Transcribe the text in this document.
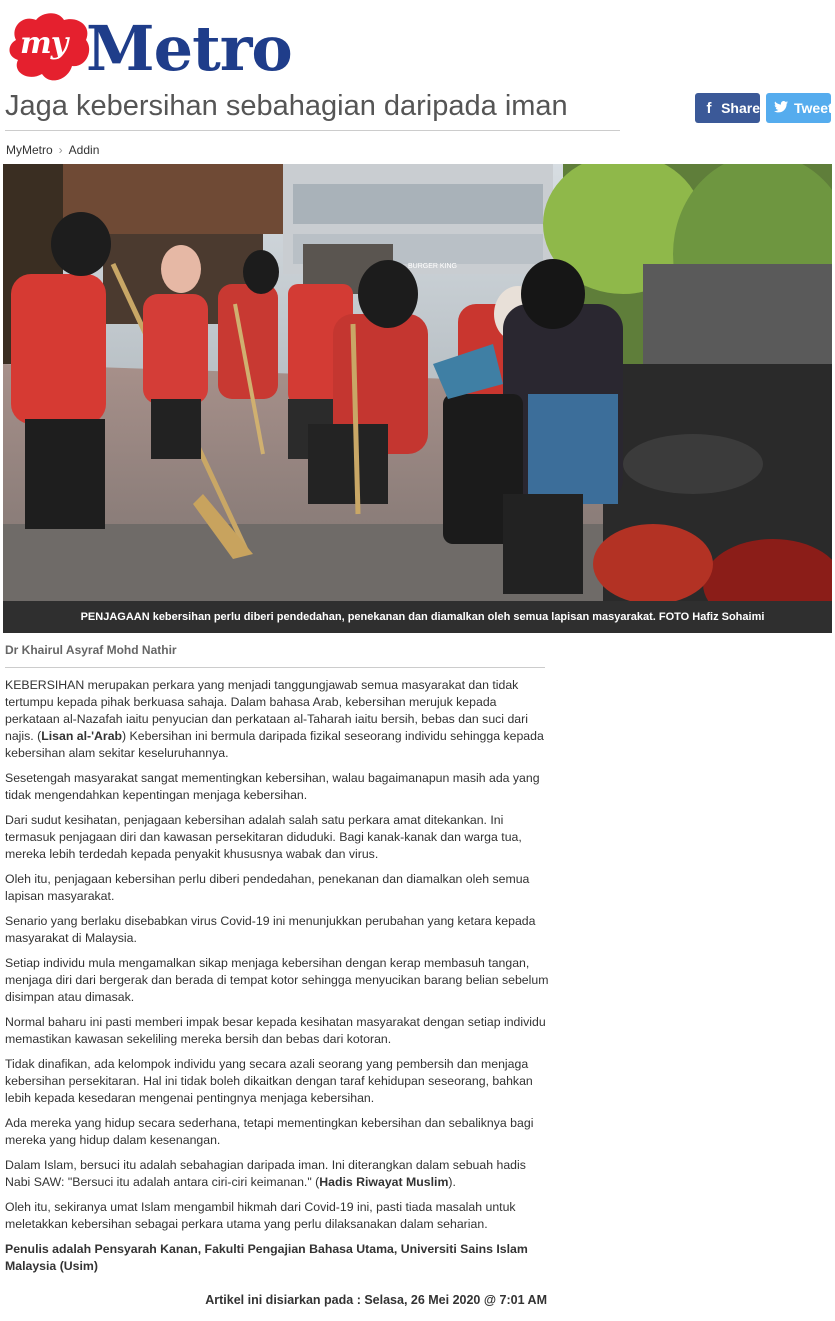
my Metro
Jaga kebersihan sebahagian daripada iman	f Share Tweet
MyMetro › Addin
BURGER KING
PENJAGAAN kebersihan perlu diberi pendedahan, penekanan dan diamalkan oleh semua lapisan masyarakat. FOTO Hafiz Sohaimi
Dr Khairul Asyraf Mohd Nathir

KEBERSIHAN merupakan perkara yang menjadi tanggungjawab semua masyarakat dan tidak tertumpu kepada pihak berkuasa sahaja. Dalam bahasa Arab, kebersihan merujuk kepada perkataan al-Nazafah iaitu penyucian dan perkataan al-Taharah iaitu bersih, bebas dan suci dari najis. (Lisan al-'Arab) Kebersihan ini bermula daripada fizikal seseorang individu sehingga kepada kebersihan alam sekitar keseluruhannya.

Sesetengah masyarakat sangat mementingkan kebersihan, walau bagaimanapun masih ada yang tidak mengendahkan kepentingan menjaga kebersihan.

Dari sudut kesihatan, penjagaan kebersihan adalah salah satu perkara amat ditekankan. Ini termasuk penjagaan diri dan kawasan persekitaran diduduki. Bagi kanak-kanak dan warga tua, mereka lebih terdedah kepada penyakit khususnya wabak dan virus.

Oleh itu, penjagaan kebersihan perlu diberi pendedahan, penekanan dan diamalkan oleh semua lapisan masyarakat.

Senario yang berlaku disebabkan virus Covid-19 ini menunjukkan perubahan yang ketara kepada masyarakat di Malaysia.

Setiap individu mula mengamalkan sikap menjaga kebersihan dengan kerap membasuh tangan, menjaga diri dari bergerak dan berada di tempat kotor sehingga menyucikan barang belian sebelum disimpan atau dimasak.

Normal baharu ini pasti memberi impak besar kepada kesihatan masyarakat dengan setiap individu memastikan kawasan sekeliling mereka bersih dan bebas dari kotoran.

Tidak dinafikan, ada kelompok individu yang secara azali seorang yang pembersih dan menjaga kebersihan persekitaran. Hal ini tidak boleh dikaitkan dengan taraf kehidupan seseorang, bahkan lebih kepada kesedaran mengenai pentingnya menjaga kebersihan.

Ada mereka yang hidup secara sederhana, tetapi mementingkan kebersihan dan sebaliknya bagi mereka yang hidup dalam kesenangan.

Dalam Islam, bersuci itu adalah sebahagian daripada iman. Ini diterangkan dalam sebuah hadis Nabi SAW: "Bersuci itu adalah antara ciri-ciri keimanan." (Hadis Riwayat Muslim).

Oleh itu, sekiranya umat Islam mengambil hikmah dari Covid-19 ini, pasti tiada masalah untuk meletakkan kebersihan sebagai perkara utama yang perlu dilaksanakan dalam seharian.

Penulis adalah Pensyarah Kanan, Fakulti Pengajian Bahasa Utama, Universiti Sains Islam Malaysia (Usim)

Artikel ini disiarkan pada : Selasa, 26 Mei 2020 @ 7:01 AM
